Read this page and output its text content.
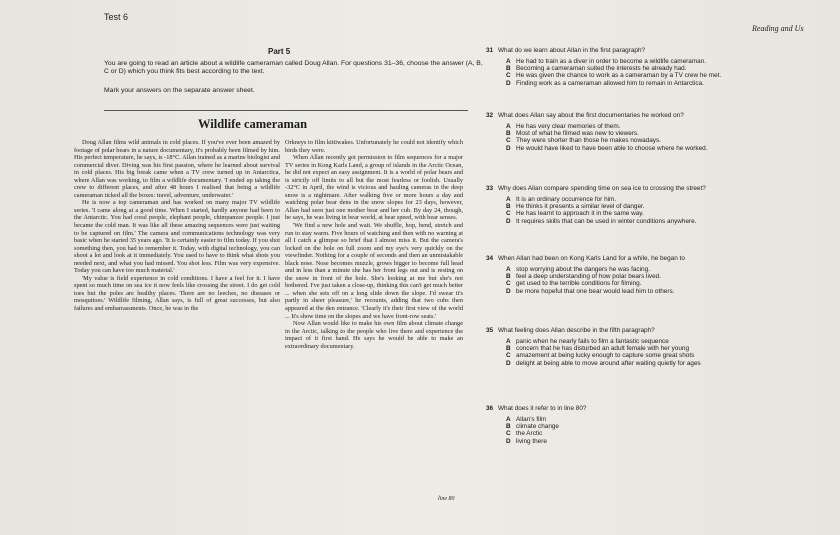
Test 6
Reading and Us
Part 5
You are going to read an article about a wildlife cameraman called Doug Allan. For questions 31–36, choose the answer (A, B, C or D) which you think fits best according to the text.
Mark your answers on the separate answer sheet.
Wildlife cameraman

Doug Allan films wild animals in cold places. If you've ever been amazed by footage of polar bears in a nature documentary, it's probably been filmed by him. His perfect temperature, he says, is -18°C. Allan trained as a marine biologist and commercial diver. Diving was his first passion, where he learned about survival in cold places. His big break came when a TV crew turned up in Antarctica, where Allan was working, to film a wildlife documentary. 'I ended up taking the crew to different places, and after 48 hours I realised that being a wildlife cameraman ticked all the boxes: travel, adventure, underwater.'

He is now a top cameraman and has worked on many major TV wildlife series. 'I came along at a good time. When I started, hardly anyone had been to the Antarctic. You had coral people, elephant people, chimpanzee people. I just became the cold man. It was like all these amazing sequences were just waiting to be captured on film.' The camera and communications technology was very basic when he started 35 years ago. 'It is certainly easier to film today. If you shot something then, you had to remember it. Today, with digital technology, you can shoot a lot and look at it immediately. You used to have to think what shots you needed next, and what you had missed. You shot less. Film was very expensive. Today you can have too much material.'

'My value is field experience in cold conditions. I have a feel for it. I have spent so much time on sea ice it now feels like crossing the street. I do get cold toes but the poles are healthy places. There are no leeches, no diseases or mosquitoes.' Wildlife filming, Allan says, is full of great successes, but also failures and embarrassments. Once, he was in the

Orkneys to film kittiwakes. Unfortunately he could not identify which birds they were.

When Allan recently got permission to film sequences for a major TV series in Kong Karls Land, a group of islands in the Arctic Ocean, he did not expect an easy assignment. It is a world of polar bears and is strictly off limits to all but the most fearless or foolish. Usually -32°C in April, the wind is vicious and hauling cameras in the deep snow is a nightmare. After walking five or more hours a day and watching polar bear dens in the snow slopes for 23 days, however, Allan had seen just one mother bear and her cub. By day 24, though, he says, he was living in bear world, at bear speed, with bear senses.

'We find a new hole and wait. We shuffle, hop, bend, stretch and run to stay warm. Five hours of watching and then with no warning at all I catch a glimpse so brief that I almost miss it. But the camera's locked on the hole on full zoom and my eye's very quickly on the viewfinder. Nothing for a couple of seconds and then an unmistakable black nose. Nose becomes muzzle, grows bigger to become full head and in less than a minute she has her front legs out and is resting on the snow in front of the hole. She's looking at me but she's not bothered. I've just taken a close-up, thinking this can't get much better ... when she sets off on a long slide down the slope. I'd swear it's partly in sheer pleasure,' he recounts, adding that two cubs then appeared at the den entrance. 'Clearly it's their first view of the world ... It's show time on the slopes and we have front-row seats.'

Now Allan would like to make his own film about climate change in the Arctic, talking to the people who live there and experience the impact of it first hand. He says he would be able to make an extraordinary documentary.

line 80
31 What do we learn about Allan in the first paragraph?
A He had to train as a diver in order to become a wildlife cameraman.
B Becoming a cameraman suited the interests he already had.
C He was given the chance to work as a cameraman by a TV crew he met.
D Finding work as a cameraman allowed him to remain in Antarctica.
32 What does Allan say about the first documentaries he worked on?
A He has very clear memories of them.
B Most of what he filmed was new to viewers.
C They were shorter than those he makes nowadays.
D He would have liked to have been able to choose where he worked.
33 Why does Allan compare spending time on sea ice to crossing the street?
A It is an ordinary occurrence for him.
B He thinks it presents a similar level of danger.
C He has learnt to approach it in the same way.
D It requires skills that can be used in winter conditions anywhere.
34 When Allan had been on Kong Karls Land for a while, he began to
A stop worrying about the dangers he was facing.
B feel a deep understanding of how polar bears lived.
C get used to the terrible conditions for filming.
D be more hopeful that one bear would lead him to others.
35 What feeling does Allan describe in the fifth paragraph?
A panic when he nearly fails to film a fantastic sequence
B concern that he has disturbed an adult female with her young
C amazement at being lucky enough to capture some great shots
D delight at being able to move around after waiting quietly for ages
36 What does it refer to in line 80?
A Allan's film
B climate change
C the Arctic
D living there
